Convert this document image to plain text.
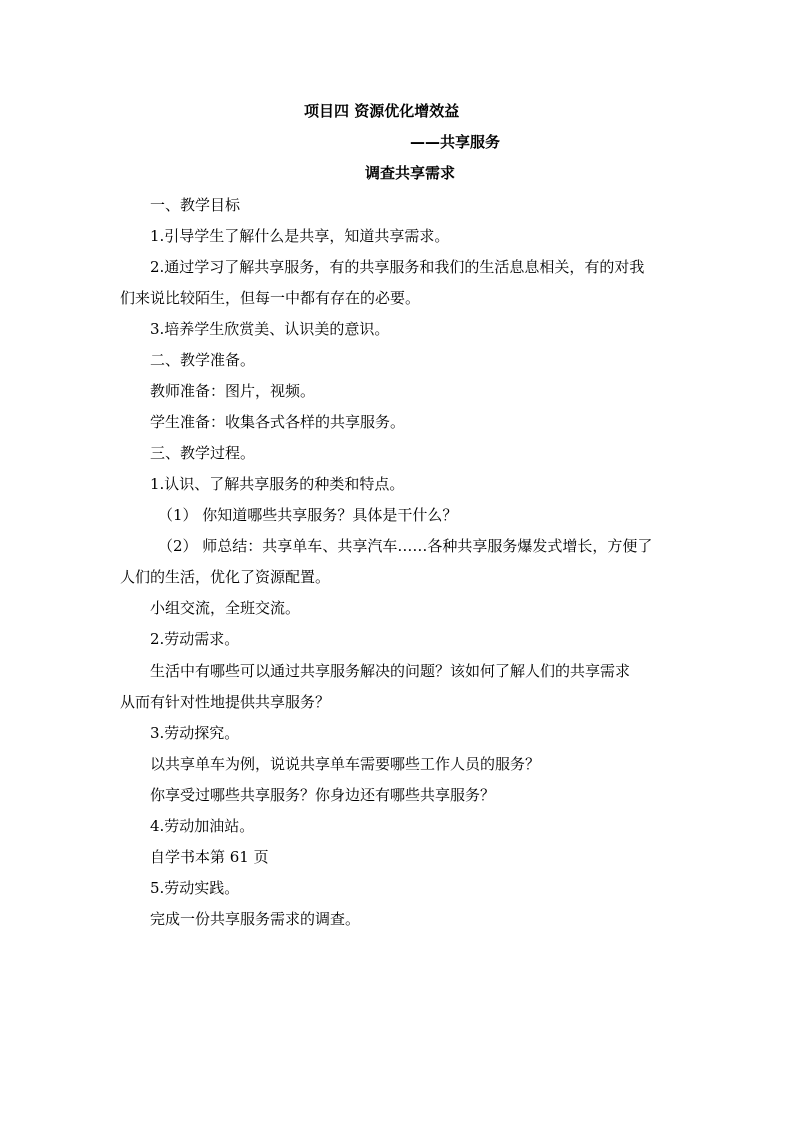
项目四 资源优化增效益
——共享服务
调查共享需求
一、教学目标
1.引导学生了解什么是共享，知道共享需求。
2.通过学习了解共享服务，有的共享服务和我们的生活息息相关，有的对我
们来说比较陌生，但每一中都有存在的必要。
3.培养学生欣赏美、认识美的意识。
二、教学准备。
教师准备：图片，视频。
学生准备：收集各式各样的共享服务。
三、教学过程。
1.认识、了解共享服务的种类和特点。
（1） 你知道哪些共享服务？具体是干什么？
（2） 师总结：共享单车、共享汽车……各种共享服务爆发式增长，方便了
人们的生活，优化了资源配置。
小组交流，全班交流。
2.劳动需求。
生活中有哪些可以通过共享服务解决的问题？该如何了解人们的共享需求
从而有针对性地提供共享服务？
3.劳动探究。
以共享单车为例，说说共享单车需要哪些工作人员的服务？
你享受过哪些共享服务？你身边还有哪些共享服务？
4.劳动加油站。
自学书本第 61 页
5.劳动实践。
完成一份共享服务需求的调查。
